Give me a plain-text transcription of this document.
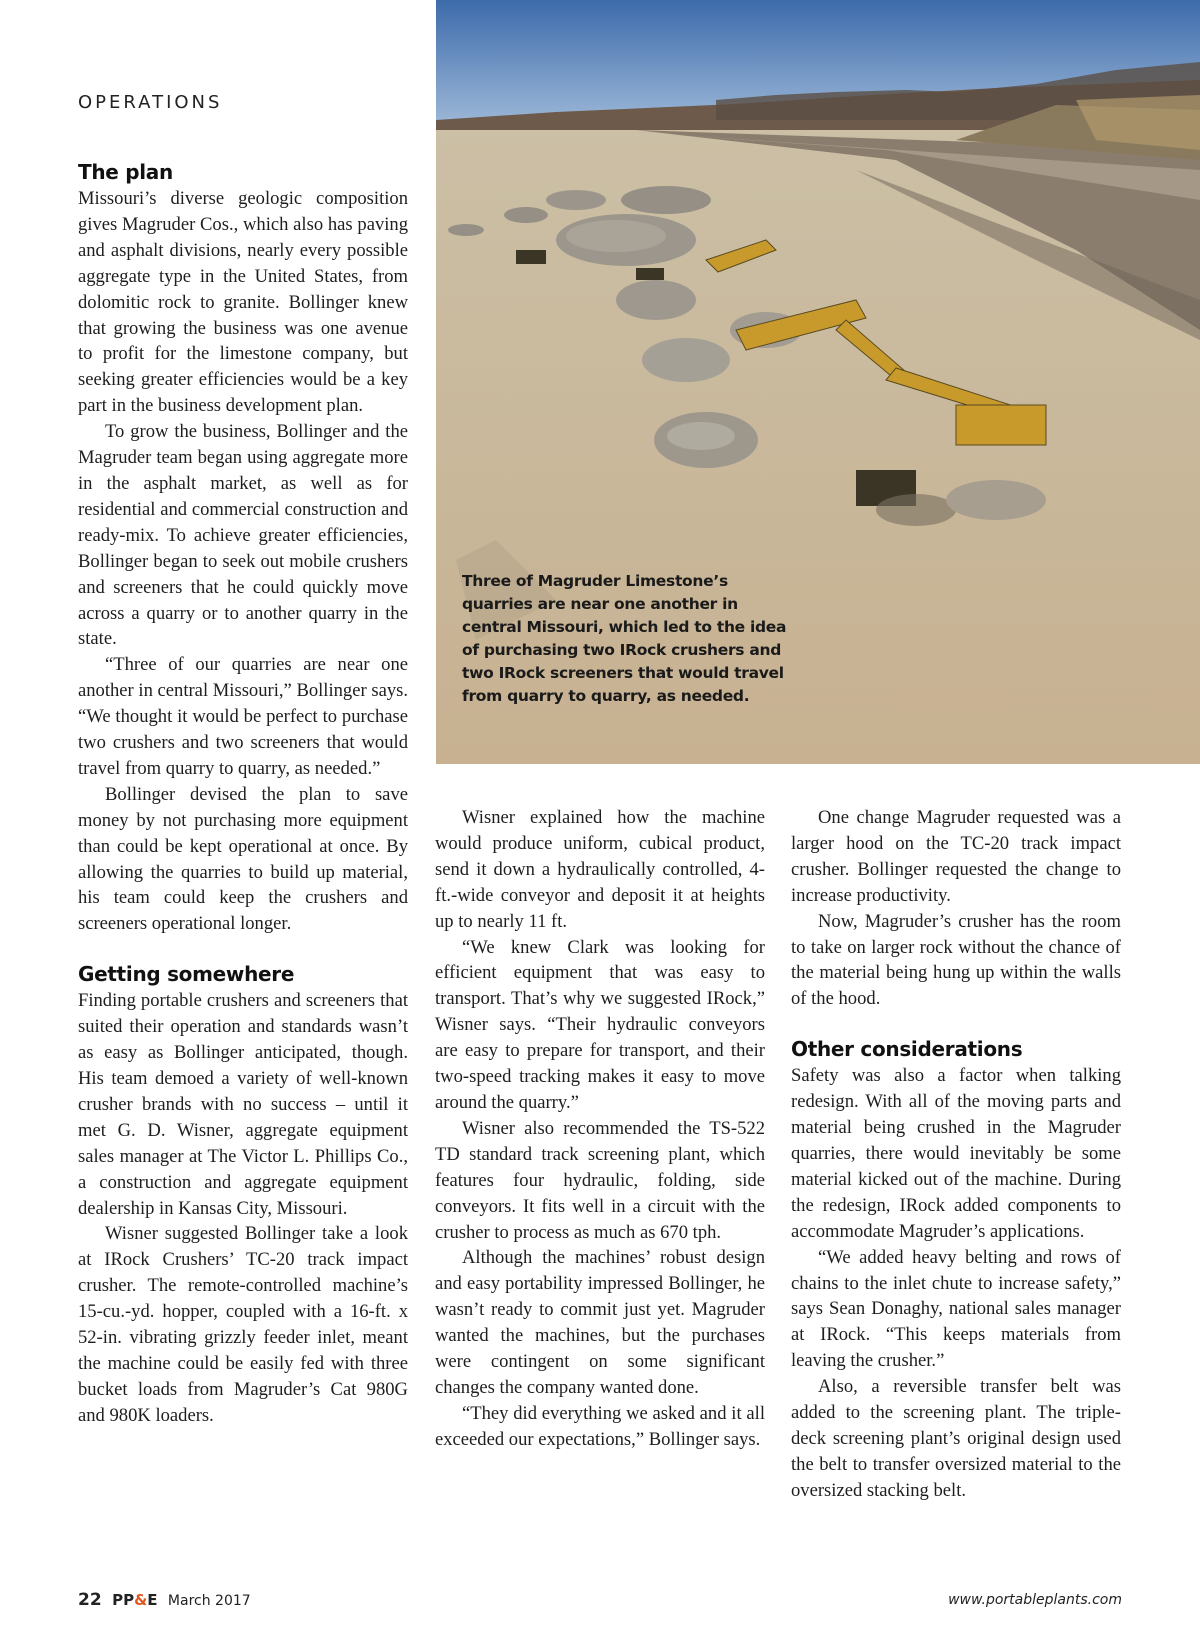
OPERATIONS
The plan

Missouri’s diverse geologic composition gives Magruder Cos., which also has paving and asphalt divisions, nearly every possible aggregate type in the United States, from dolomitic rock to granite. Bollinger knew that growing the business was one avenue to profit for the limestone company, but seeking greater efficiencies would be a key part in the business development plan.

To grow the business, Bollinger and the Magruder team began using aggregate more in the asphalt market, as well as for residential and commercial construction and ready-mix. To achieve greater efficiencies, Bollinger began to seek out mobile crushers and screeners that he could quickly move across a quarry or to another quarry in the state.

“Three of our quarries are near one another in central Missouri,” Bollinger says. “We thought it would be perfect to purchase two crushers and two screeners that would travel from quarry to quarry, as needed.”

Bollinger devised the plan to save money by not purchasing more equipment than could be kept operational at once. By allowing the quarries to build up material, his team could keep the crushers and screeners operational longer.

Getting somewhere

Finding portable crushers and screeners that suited their operation and standards wasn’t as easy as Bollinger anticipated, though. His team demoed a variety of well-known crusher brands with no success – until it met G. D. Wisner, aggregate equipment sales manager at The Victor L. Phillips Co., a construction and aggregate equipment dealership in Kansas City, Missouri.

Wisner suggested Bollinger take a look at IRock Crushers’ TC-20 track impact crusher. The remote-controlled machine’s 15-cu.-yd. hopper, coupled with a 16-ft. x 52-in. vibrating grizzly feeder inlet, meant the machine could be easily fed with three bucket loads from Magruder’s Cat 980G and 980K loaders.

Three of Magruder Limestone’s quarries are near one another in central Missouri, which led to the idea of purchasing two IRock crushers and two IRock screeners that would travel from quarry to quarry, as needed.

Wisner explained how the machine would produce uniform, cubical product, send it down a hydraulically controlled, 4-ft.-wide conveyor and deposit it at heights up to nearly 11 ft.

“We knew Clark was looking for efficient equipment that was easy to transport. That’s why we suggested IRock,” Wisner says. “Their hydraulic conveyors are easy to prepare for transport, and their two-speed tracking makes it easy to move around the quarry.”

Wisner also recommended the TS-522 TD standard track screening plant, which features four hydraulic, folding, side conveyors. It fits well in a circuit with the crusher to process as much as 670 tph.

Although the machines’ robust design and easy portability impressed Bollinger, he wasn’t ready to commit just yet. Magruder wanted the machines, but the purchases were contingent on some significant changes the company wanted done.

“They did everything we asked and it all exceeded our expectations,” Bollinger says.

One change Magruder requested was a larger hood on the TC-20 track impact crusher. Bollinger requested the change to increase productivity.

Now, Magruder’s crusher has the room to take on larger rock without the chance of the material being hung up within the walls of the hood.

Other considerations

Safety was also a factor when talking redesign. With all of the moving parts and material being crushed in the Magruder quarries, there would inevitably be some material kicked out of the machine. During the redesign, IRock added components to accommodate Magruder’s applications.

“We added heavy belting and rows of chains to the inlet chute to increase safety,” says Sean Donaghy, national sales manager at IRock. “This keeps materials from leaving the crusher.”

Also, a reversible transfer belt was added to the screening plant. The triple-deck screening plant’s original design used the belt to transfer oversized material to the oversized stacking belt.

22 PP&E March 2017	www.portableplants.com
